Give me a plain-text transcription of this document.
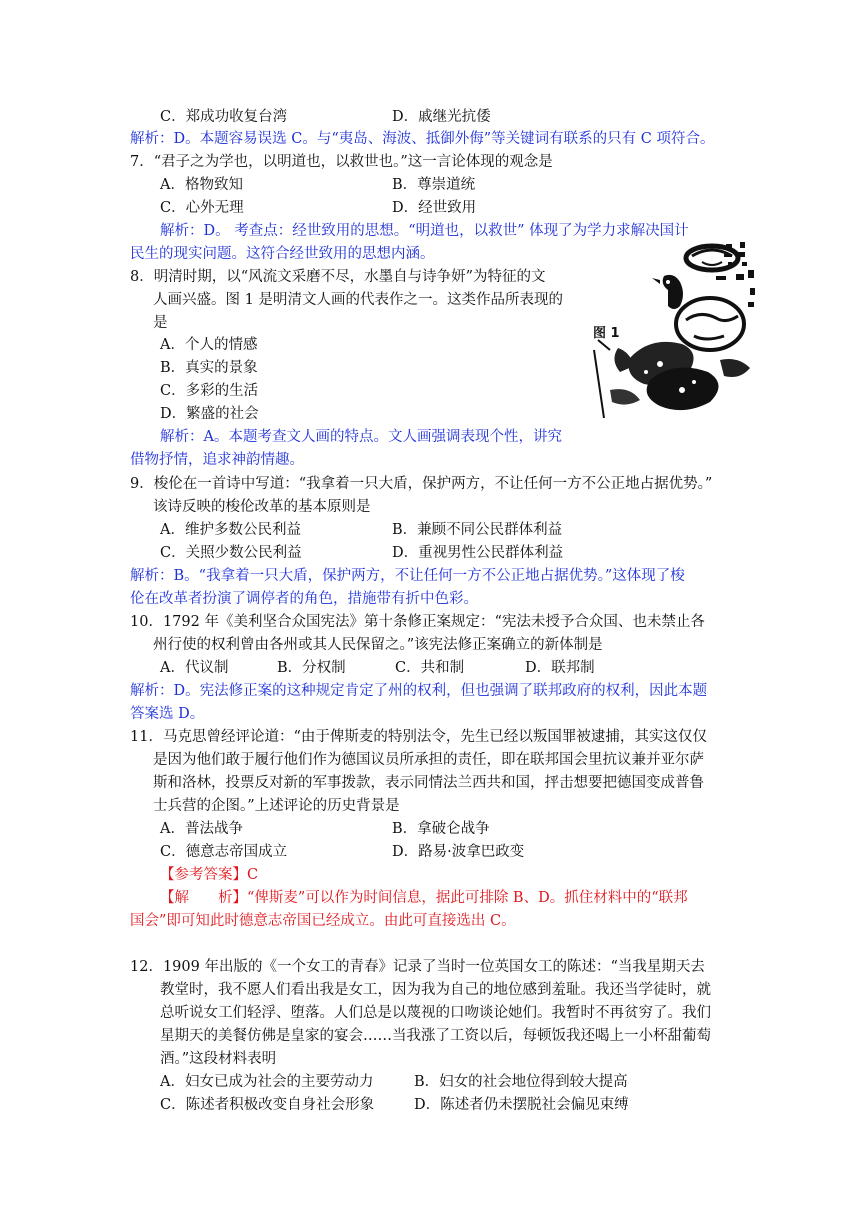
C．郑成功收复台湾	D．戚继光抗倭
解析：D。本题容易误选 C。与“夷岛、海波、抵御外侮”等关键词有联系的只有 C 项符合。
7．“君子之为学也，以明道也，以救世也。”这一言论体现的观念是
A．格物致知	B．尊崇道统
C．心外无理	D．经世致用
解析：D。 考查点：经世致用的思想。“明道也，以救世” 体现了为学力求解决国计
民生的现实问题。这符合经世致用的思想内涵。
8．明清时期，以“风流文采磨不尽，水墨自与诗争妍”为特征的文
人画兴盛。图 1 是明清文人画的代表作之一。这类作品所表现的
是
A．个人的情感
B．真实的景象
C．多彩的生活
D．繁盛的社会
解析：A。本题考查文人画的特点。文人画强调表现个性，讲究
借物抒情，追求神韵情趣。
图 1
9．梭伦在一首诗中写道：“我拿着一只大盾，保护两方，不让任何一方不公正地占据优势。”
该诗反映的梭伦改革的基本原则是
A．维护多数公民利益	B．兼顾不同公民群体利益
C．关照少数公民利益	D．重视男性公民群体利益
解析：B。“我拿着一只大盾，保护两方，不让任何一方不公正地占据优势。”这体现了梭
伦在改革者扮演了调停者的角色，措施带有折中色彩。
10．1792 年《美利坚合众国宪法》第十条修正案规定：“宪法未授予合众国、也未禁止各
州行使的权利曾由各州或其人民保留之。”该宪法修正案确立的新体制是
A．代议制	B．分权制	C．共和制	D．联邦制
解析：D。宪法修正案的这种规定肯定了州的权利，但也强调了联邦政府的权利，因此本题
答案选 D。
11．马克思曾经评论道：“由于俾斯麦的特别法令，先生已经以叛国罪被逮捕，其实这仅仅
是因为他们敢于履行他们作为德国议员所承担的责任，即在联邦国会里抗议兼并亚尔萨
斯和洛林，投票反对新的军事拨款，表示同情法兰西共和国，抨击想要把德国变成普鲁
士兵营的企图。”上述评论的历史背景是
A．普法战争	B．拿破仑战争
C．德意志帝国成立	D．路易·波拿巴政变
【参考答案】C
【解　　析】“俾斯麦”可以作为时间信息，据此可排除 B、D。抓住材料中的“联邦
国会”即可知此时德意志帝国已经成立。由此可直接选出 C。
12．1909 年出版的《一个女工的青春》记录了当时一位英国女工的陈述：“当我星期天去
教堂时，我不愿人们看出我是女工，因为我为自己的地位感到羞耻。我还当学徒时，就
总听说女工们轻浮、堕落。人们总是以蔑视的口吻谈论她们。我暂时不再贫穷了。我们
星期天的美餐仿佛是皇家的宴会……当我涨了工资以后，每顿饭我还喝上一小杯甜葡萄
酒。”这段材料表明
A．妇女已成为社会的主要劳动力	B．妇女的社会地位得到较大提高
C．陈述者积极改变自身社会形象	D．陈述者仍未摆脱社会偏见束缚
